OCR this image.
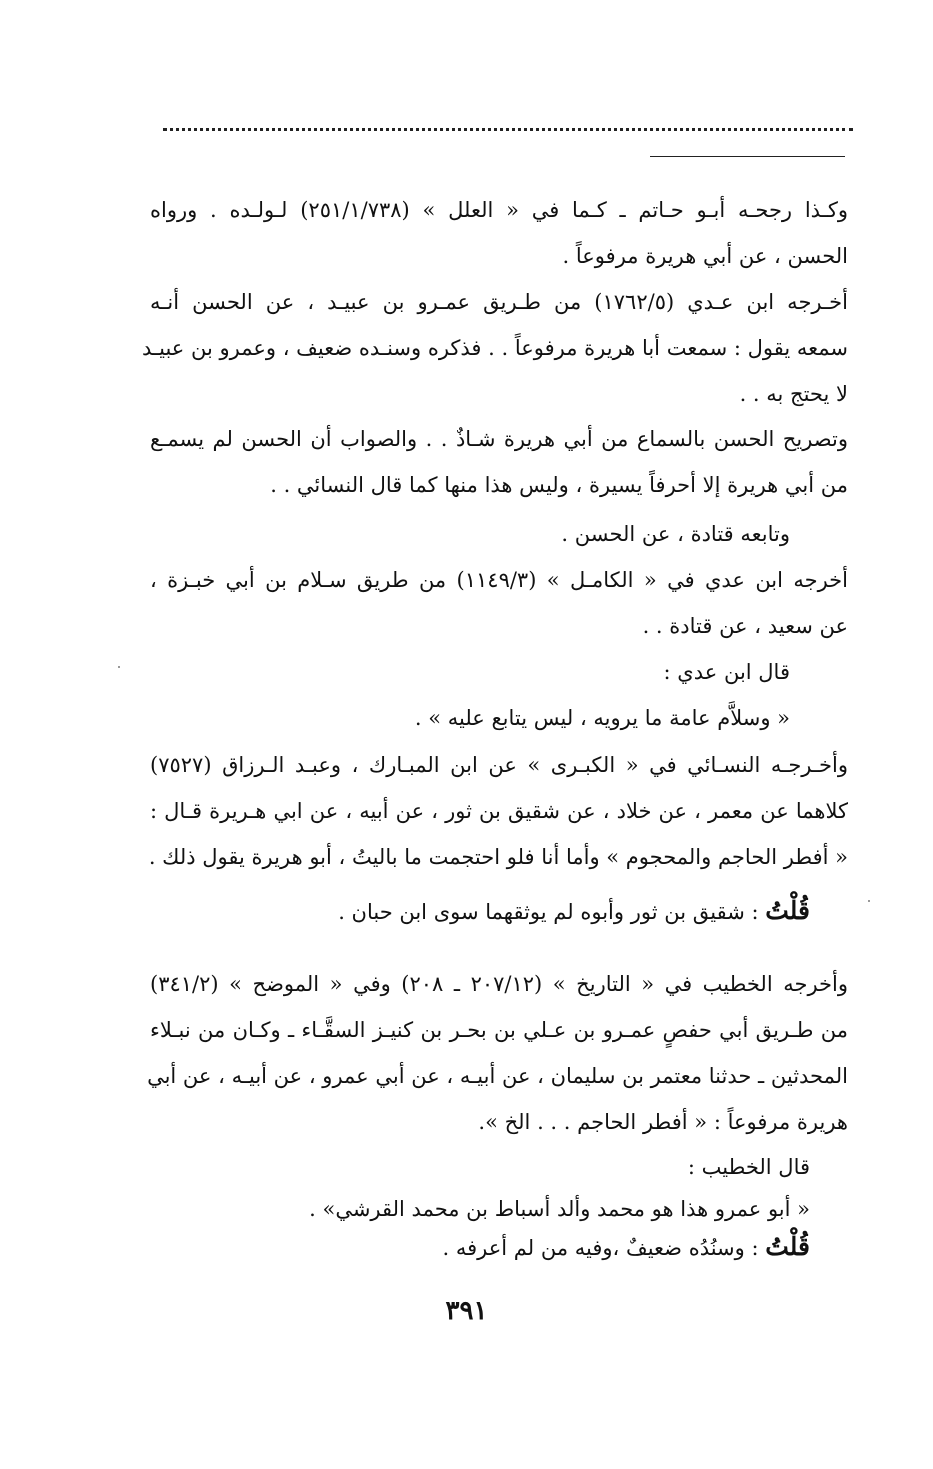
وكـذا رجحـه أبـو حـاتم ـ كـما في « العلل » (٢٥١/١/٧٣٨) لـولـده . ورواه
الحسن ، عن أبي هريرة مرفوعاً .
أخـرجه ابن عـدي (١٧٦٢/٥) من طـريق عمـرو بن عبيـد ، عن الحسن أنـه
سمعه يقول : سمعت أبا هريرة مرفوعاً . . فذكره وسنـده ضعيف ، وعمرو بن عبيـد
لا يحتج به . .
وتصريح الحسن بالسماع من أبي هريرة شـاذٌ . . والصواب أن الحسن لم يسمـع
من أبي هريرة إلا أحرفاً يسيرة ، وليس هذا منها كما قال النسائي . .
وتابعه قتادة ، عن الحسن .
أخرجه ابن عدي في « الكامـل » (١١٤٩/٣) من طريق سـلام بن أبي خبـزة ،
عن سعيد ، عن قتادة . .
قال ابن عدي :
« وسلاَّم عامة ما يرويه ، ليس يتابع عليه » .
وأخـرجـه النسـائي في « الكبـرى » عن ابن المبـارك ، وعبـد الـرزاق (٧٥٢٧)
كلاهما عن معمر ، عن خلاد ، عن شقيق بن ثور ، عن أبيه ، عن ابي هـريرة قـال :
« أفطر الحاجم والمحجوم » وأما أنا فلو احتجمت ما باليتُ ، أبو هريرة يقول ذلك .
قُلْتُ : شقيق بن ثور وأبوه لم يوثقهما سوى ابن حبان .
وأخرجه الخطيب في « التاريخ » (٢٠٧/١٢ ـ ٢٠٨) وفي « الموضح » (٣٤١/٢)
من طـريق أبي حفصٍ عمـرو بن عـلي بن بحـر بن كنيـز السقَّـاء ـ وكـان من نبـلاء
المحدثين ـ حدثنا معتمر بن سليمان ، عن أبيـه ، عن أبي عمرو ، عن أبيـه ، عن أبي
هريرة مرفوعاً : « أفطر الحاجم . . . الخ ».
قال الخطيب :
« أبو عمرو هذا هو محمد وألد أسباط بن محمد القرشي» .
قُلْتُ : وسنُدُه ضعيفٌ ،وفيه من لم أعرفه .
٣٩١
